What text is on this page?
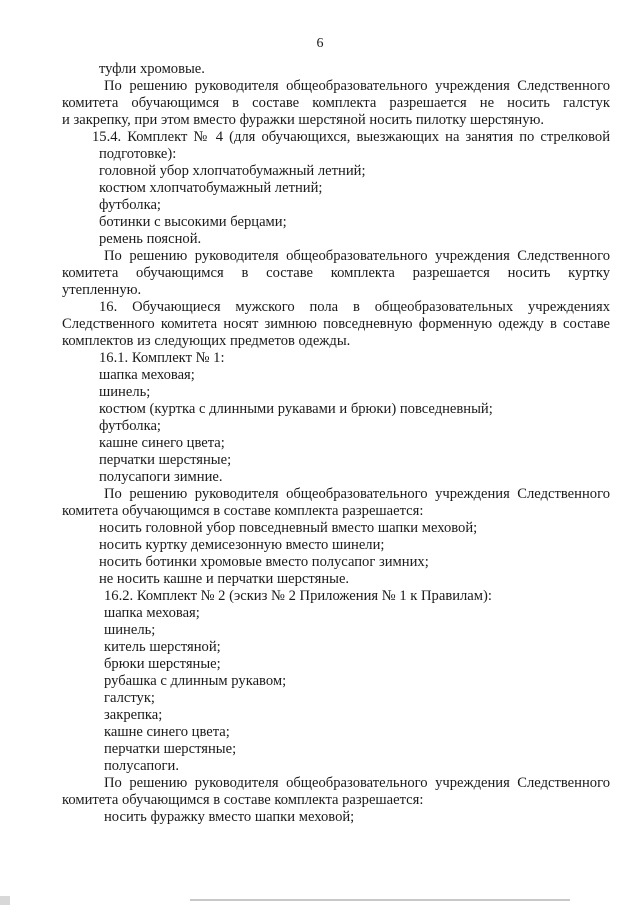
6
туфли хромовые.
По решению руководителя общеобразовательного учреждения Следственного
комитета обучающимся в составе комплекта разрешается не носить галстук
и закрепку, при этом вместо фуражки шерстяной носить пилотку шерстяную.
15.4. Комплект № 4 (для обучающихся, выезжающих на занятия по стрелковой
подготовке):
головной убор хлопчатобумажный летний;
костюм хлопчатобумажный летний;
футболка;
ботинки с высокими берцами;
ремень поясной.
По решению руководителя общеобразовательного учреждения Следственного
комитета обучающимся в составе комплекта разрешается носить куртку
утепленную.
16. Обучающиеся мужского пола в общеобразовательных учреждениях
Следственного комитета носят зимнюю повседневную форменную одежду в составе
комплектов из следующих предметов одежды.
16.1. Комплект № 1:
шапка меховая;
шинель;
костюм (куртка с длинными рукавами и брюки) повседневный;
футболка;
кашне синего цвета;
перчатки шерстяные;
полусапоги зимние.
По решению руководителя общеобразовательного учреждения Следственного
комитета обучающимся в составе комплекта разрешается:
носить головной убор повседневный вместо шапки меховой;
носить куртку демисезонную вместо шинели;
носить ботинки хромовые вместо полусапог зимних;
не носить кашне и перчатки шерстяные.
16.2. Комплект № 2 (эскиз № 2 Приложения № 1 к Правилам):
шапка меховая;
шинель;
китель шерстяной;
брюки шерстяные;
рубашка с длинным рукавом;
галстук;
закрепка;
кашне синего цвета;
перчатки шерстяные;
полусапоги.
По решению руководителя общеобразовательного учреждения Следственного
комитета обучающимся в составе комплекта разрешается:
носить фуражку вместо шапки меховой;
